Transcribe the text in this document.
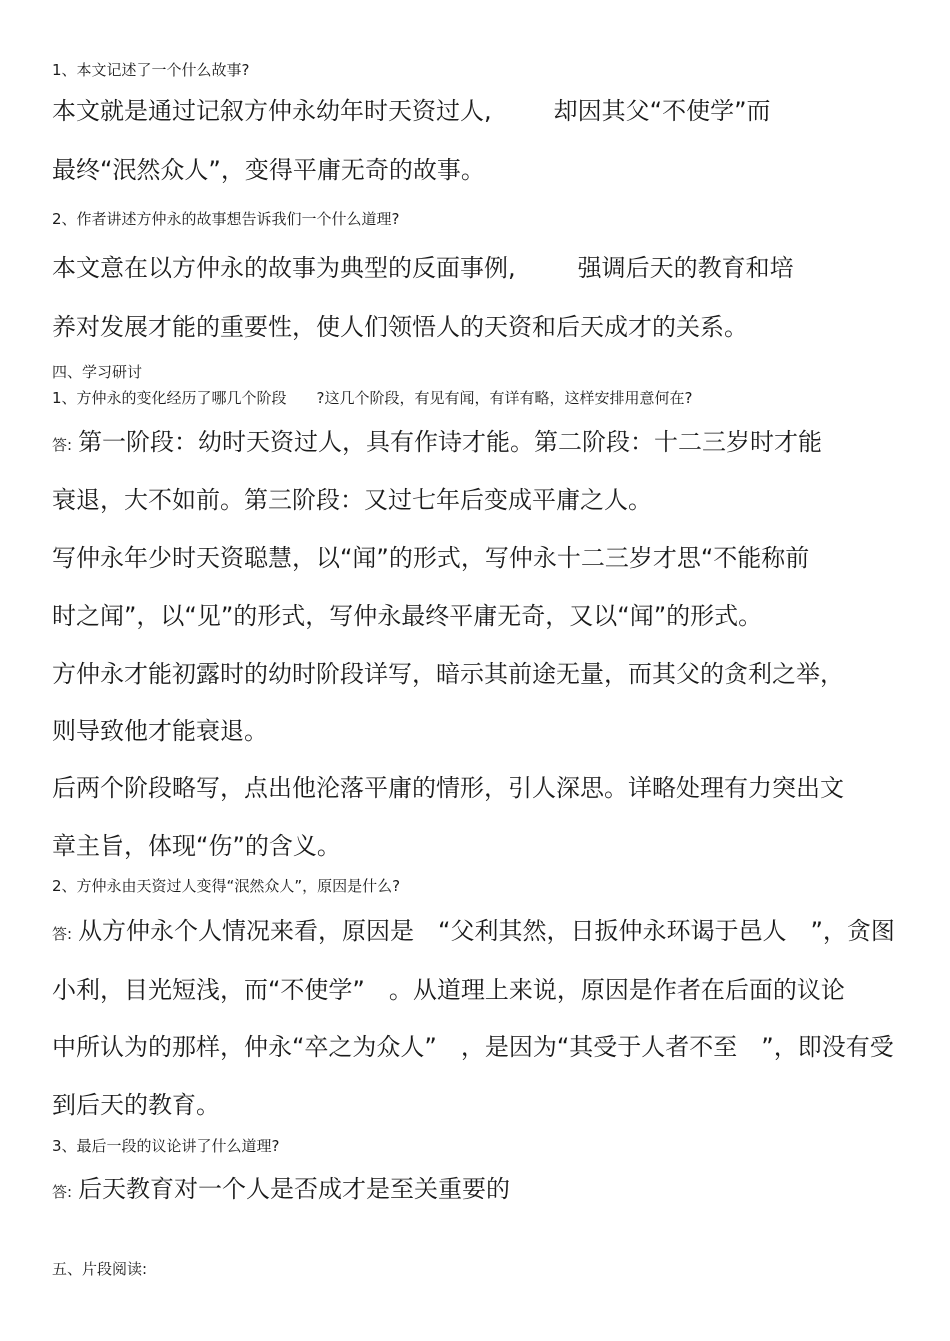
1、本文记述了一个什么故事?

本文就是通过记叙方仲永幼年时天资过人,	却因其父“不使学”而

最终“泯然众人”，变得平庸无奇的故事。

2、作者讲述方仲永的故事想告诉我们一个什么道理?

本文意在以方仲永的故事为典型的反面事例,	强调后天的教育和培

养对发展才能的重要性，使人们领悟人的天资和后天成才的关系。

四、学习研讨

1、方仲永的变化经历了哪几个阶段　　?这几个阶段，有见有闻，有详有略，这样安排用意何在?

答: 第一阶段：幼时天资过人，具有作诗才能。第二阶段：十二三岁时才能

衰退，大不如前。第三阶段：又过七年后变成平庸之人。

写仲永年少时天资聪慧，以“闻”的形式，写仲永十二三岁才思“不能称前

时之闻”，以“见”的形式，写仲永最终平庸无奇，又以“闻”的形式。

方仲永才能初露时的幼时阶段详写，暗示其前途无量，而其父的贪利之举，

则导致他才能衰退。

后两个阶段略写，点出他沦落平庸的情形，引人深思。详略处理有力突出文

章主旨，体现“伤”的含义。

2、方仲永由天资过人变得“泯然众人”，原因是什么?

答: 从方仲永个人情况来看，原因是　“父利其然，日扳仲永环谒于邑人　”，贪图

小利，目光短浅，而“不使学”　。从道理上来说，原因是作者在后面的议论

中所认为的那样，仲永“卒之为众人”　，是因为“其受于人者不至　”，即没有受

到后天的教育。

3、最后一段的议论讲了什么道理?

答: 后天教育对一个人是否成才是至关重要的

五、片段阅读:
